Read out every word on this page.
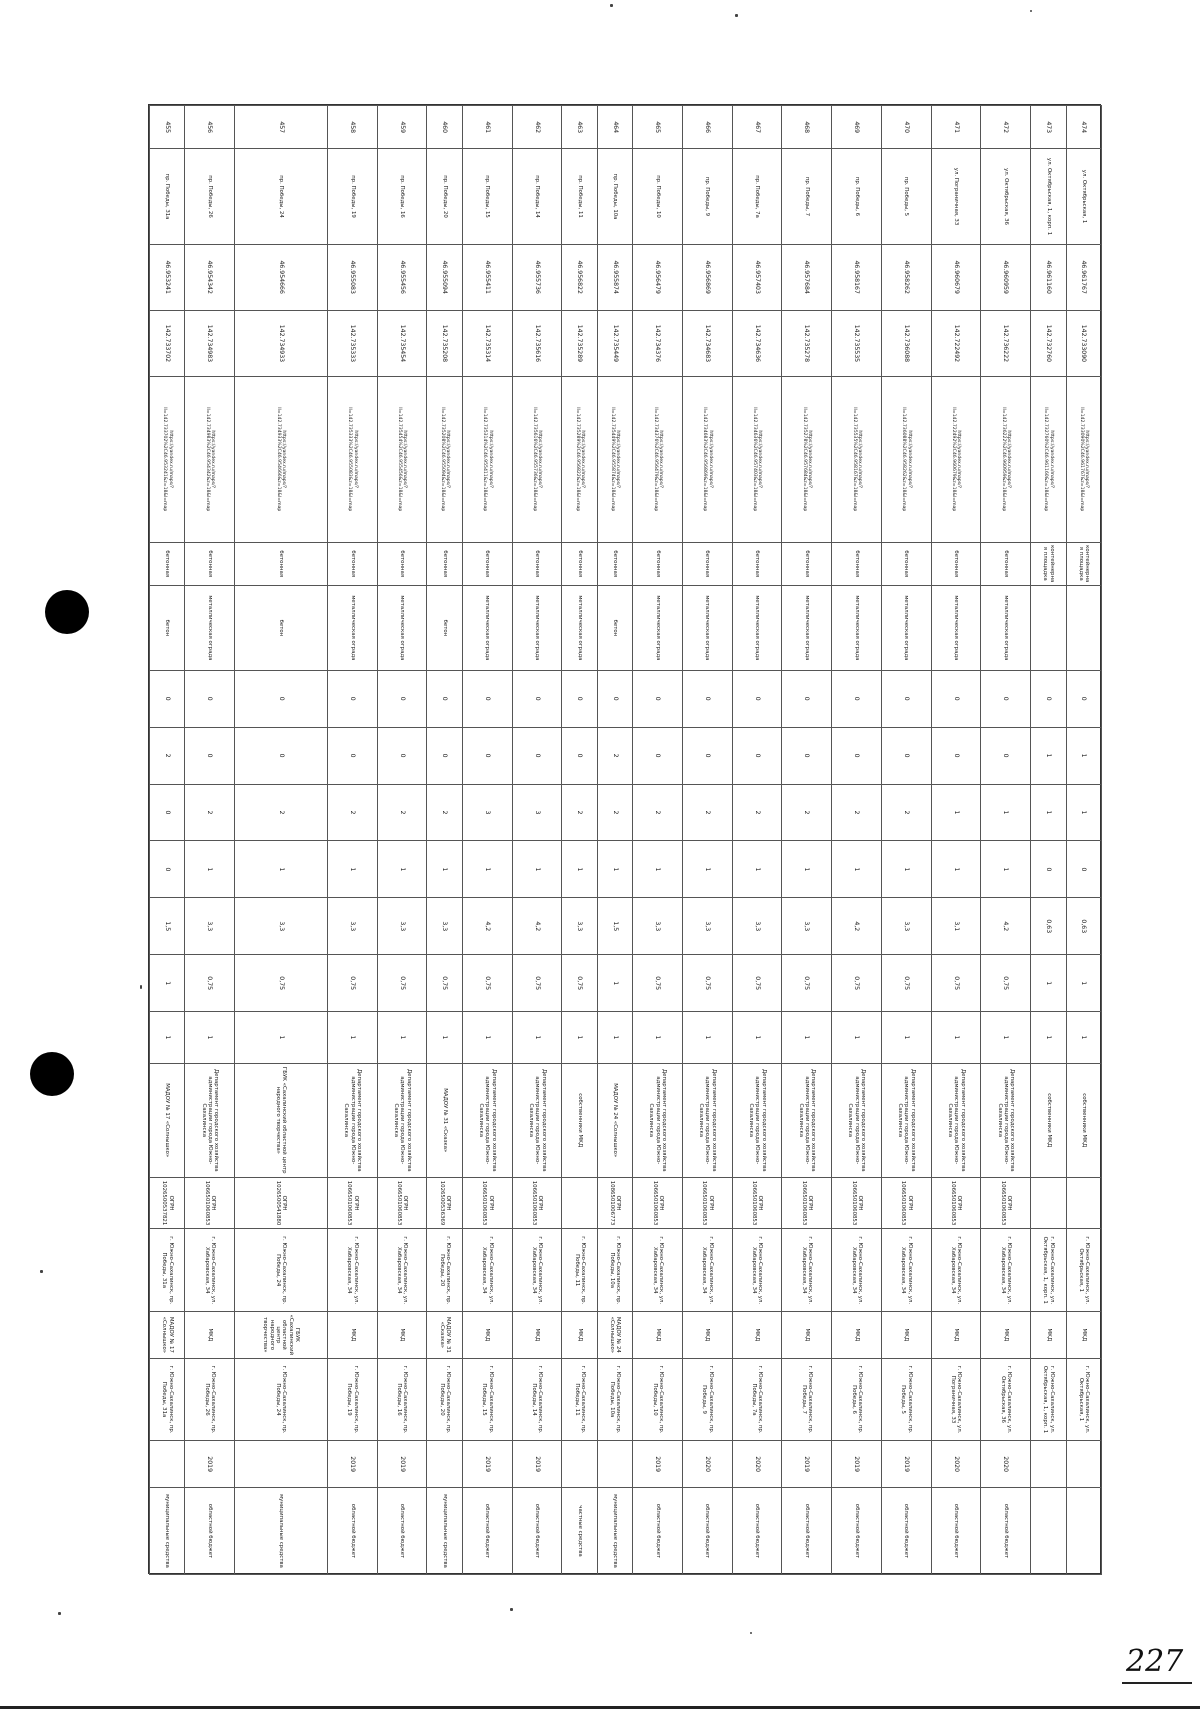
474	ул. Октябрьская, 1	46.961767	142.733090	https://yandex.ru/maps/?ll=142.733090%2C46.961767&z=18&l=map	контейнерная площадка		0	1	1	0	0,63	1	1	собственники МКД		г. Южно-Сахалинск, ул. Октябрьская, 1	МКД	г. Южно-Сахалинск, ул. Октябрьская, 1		
473	ул. Октябрьская, 1, корп. 1	46.961160	142.732760	https://yandex.ru/maps/?ll=142.732760%2C46.961160&z=18&l=map	контейнерная площадка		0	1	1	0	0,63	1	1	собственники МКД		г. Южно-Сахалинск, ул. Октябрьская, 1, корп. 1	МКД	г. Южно-Сахалинск, ул. Октябрьская, 1, корп. 1		
472	ул. Октябрьская, 36	46.960959	142.736222	https://yandex.ru/maps/?ll=142.736222%2C46.960959&z=18&l=map	бетонная	металлическая ограда	0	0	1	1	4,2	0,75	1	Департамент городского хозяйства администрации города Южно-Сахалинска	ОГРН 1066501060853	г. Южно-Сахалинск, ул. Хабаровская, 34	МКД	г. Южно-Сахалинск, ул. Октябрьская, 36	2020	областной бюджет
471	ул. Пограничная, 33	46.960679	142.722492	https://yandex.ru/maps/?ll=142.722492%2C46.960679&z=18&l=map	бетонная	металлическая ограда	0	0	1	1	3,1	0,75	1	Департамент городского хозяйства администрации города Южно-Сахалинска	ОГРН 1066501060853	г. Южно-Сахалинск, ул. Хабаровская, 34	МКД	г. Южно-Сахалинск, ул. Пограничная, 33	2020	областной бюджет
470	пр. Победы, 5	46.958262	142.736088	https://yandex.ru/maps/?ll=142.736088%2C46.958262&z=18&l=map	бетонная	металлическая ограда	0	0	2	1	3,3	0,75	1	Департамент городского хозяйства администрации города Южно-Сахалинска	ОГРН 1066501060853	г. Южно-Сахалинск, ул. Хабаровская, 34	МКД	г. Южно-Сахалинск, пр. Победы, 5	2019	областной бюджет
469	пр. Победы, 6	46.958167	142.735535	https://yandex.ru/maps/?ll=142.735535%2C46.958167&z=18&l=map	бетонная	металлическая ограда	0	0	2	1	4,2	0,75	1	Департамент городского хозяйства администрации города Южно-Сахалинска	ОГРН 1066501060853	г. Южно-Сахалинск, ул. Хабаровская, 34	МКД	г. Южно-Сахалинск, пр. Победы, 6	2019	областной бюджет
468	пр. Победы, 7	46.957684	142.735278	https://yandex.ru/maps/?ll=142.735278%2C46.957684&z=18&l=map	бетонная	металлическая ограда	0	0	2	1	3,3	0,75	1	Департамент городского хозяйства администрации города Южно-Сахалинска	ОГРН 1066501060853	г. Южно-Сахалинск, ул. Хабаровская, 34	МКД	г. Южно-Сахалинск, пр. Победы, 7	2019	областной бюджет
467	пр. Победы, 7а	46.957403	142.734636	https://yandex.ru/maps/?ll=142.734636%2C46.957403&z=18&l=map	бетонная	металлическая ограда	0	0	2	1	3,3	0,75	1	Департамент городского хозяйства администрации города Южно-Сахалинска	ОГРН 1066501060853	г. Южно-Сахалинск, ул. Хабаровская, 34	МКД	г. Южно-Сахалинск, пр. Победы, 7а	2020	областной бюджет
466	пр. Победы, 9	46.956869	142.734683	https://yandex.ru/maps/?ll=142.734683%2C46.956869&z=18&l=map	бетонная	металлическая ограда	0	0	2	1	3,3	0,75	1	Департамент городского хозяйства администрации города Южно-Сахалинска	ОГРН 1066501060853	г. Южно-Сахалинск, ул. Хабаровская, 34	МКД	г. Южно-Сахалинск, пр. Победы, 9	2020	областной бюджет
465	пр. Победы, 10	46.956479	142.734376	https://yandex.ru/maps/?ll=142.734376%2C46.956479&z=18&l=map	бетонная	металлическая ограда	0	0	2	1	3,3	0,75	1	Департамент городского хозяйства администрации города Южно-Сахалинска	ОГРН 1066501060853	г. Южно-Сахалинск, ул. Хабаровская, 34	МКД	г. Южно-Сахалинск, пр. Победы, 10	2019	областной бюджет
464	пр. Победы, 10а	46.955874	142.735449	https://yandex.ru/maps/?ll=142.735449%2C46.955874&z=18&l=map	бетонная	бетон	0	2	2	1	1,5	1	1	МАДОУ № 24 «Солнышко»	ОГРН 1086501006773	г. Южно-Сахалинск, пр. Победы, 10а	МАДОУ № 24 «Солнышко»	г. Южно-Сахалинск, пр. Победы, 10а		муниципальные средства
463	пр. Победы, 11	46.956822	142.735289	https://yandex.ru/maps/?ll=142.735289%2C46.956822&z=18&l=map	бетонная	металлическая ограда	0	0	2	1	3,3	0,75	1	собственники МКД		г. Южно-Сахалинск, пр. Победы, 11	МКД	г. Южно-Сахалинск, пр. Победы, 11		частные средства
462	пр. Победы, 14	46.955736	142.735616	https://yandex.ru/maps/?ll=142.735616%2C46.955736&z=18&l=map	бетонная	металлическая ограда	0	0	3	1	4,2	0,75	1	Департамент городского хозяйства администрации города Южно-Сахалинска	ОГРН 1066501060853	г. Южно-Сахалинск, ул. Хабаровская, 34	МКД	г. Южно-Сахалинск, пр. Победы, 14	2019	областной бюджет
461	пр. Победы, 15	46.955411	142.735314	https://yandex.ru/maps/?ll=142.735314%2C46.955411&z=18&l=map	бетонная	металлическая ограда	0	0	3	1	4,2	0,75	1	Департамент городского хозяйства администрации города Южно-Сахалинска	ОГРН 1066501060853	г. Южно-Сахалинск, ул. Хабаровская, 34	МКД	г. Южно-Сахалинск, пр. Победы, 15	2019	областной бюджет
460	пр. Победы, 20	46.955094	142.735208	https://yandex.ru/maps/?ll=142.735208%2C46.955094&z=18&l=map	бетонная	бетон	0	0	2	1	3,3	0,75	1	МАДОУ № 31 «Сказка»	ОГРН 1026500536369	г. Южно-Сахалинск, пр. Победы, 20	МАДОУ № 31 «Сказка»	г. Южно-Сахалинск, пр. Победы, 20		муниципальные средства
459	пр. Победы, 16	46.955456	142.735454	https://yandex.ru/maps/?ll=142.735454%2C46.955456&z=18&l=map	бетонная	металлическая ограда	0	0	2	1	3,3	0,75	1	Департамент городского хозяйства администрации города Южно-Сахалинска	ОГРН 1066501060853	г. Южно-Сахалинск, ул. Хабаровская, 34	МКД	г. Южно-Сахалинск, пр. Победы, 16	2019	областной бюджет
458	пр. Победы, 19	46.955083	142.735333	https://yandex.ru/maps/?ll=142.735333%2C46.955083&z=18&l=map	бетонная	металлическая ограда	0	0	2	1	3,3	0,75	1	Департамент городского хозяйства администрации города Южно-Сахалинска	ОГРН 1066501060853	г. Южно-Сахалинск, ул. Хабаровская, 34	МКД	г. Южно-Сахалинск, пр. Победы, 19	2019	областной бюджет
457	пр. Победы, 24	46.954666	142.734933	https://yandex.ru/maps/?ll=142.734933%2C46.954666&z=18&l=map	бетонная	бетон	0	0	2	1	3,3	0,75	1	ГБУК «Сахалинский областной центр народного творчества»	ОГРН 1026500541880	г. Южно-Сахалинск, пр. Победы, 24	ГБУК «Сахалинский областной центр народного творчества»	г. Южно-Сахалинск, пр. Победы, 24		муниципальные средства
456	пр. Победы, 26	46.954342	142.734983	https://yandex.ru/maps/?ll=142.734983%2C46.954342&z=18&l=map	бетонная	металлическая ограда	0	0	2	1	3,3	0,75	1	Департамент городского хозяйства администрации города Южно-Сахалинска	ОГРН 1066501060853	г. Южно-Сахалинск, ул. Хабаровская, 34	МКД	г. Южно-Сахалинск, пр. Победы, 26	2019	областной бюджет
455	пр. Победы, 31а	46.953241	142.733702	https://yandex.ru/maps/?ll=142.733702%2C46.953241&z=18&l=map	бетонная	бетон	0	2	0	0	1,5	1	1	МАДОУ № 17 «Солнышко»	ОГРН 1026500537821	г. Южно-Сахалинск, пр. Победы, 31а	МАДОУ № 17 «Солнышко»	г. Южно-Сахалинск, пр. Победы, 31а		муниципальные средства
227
